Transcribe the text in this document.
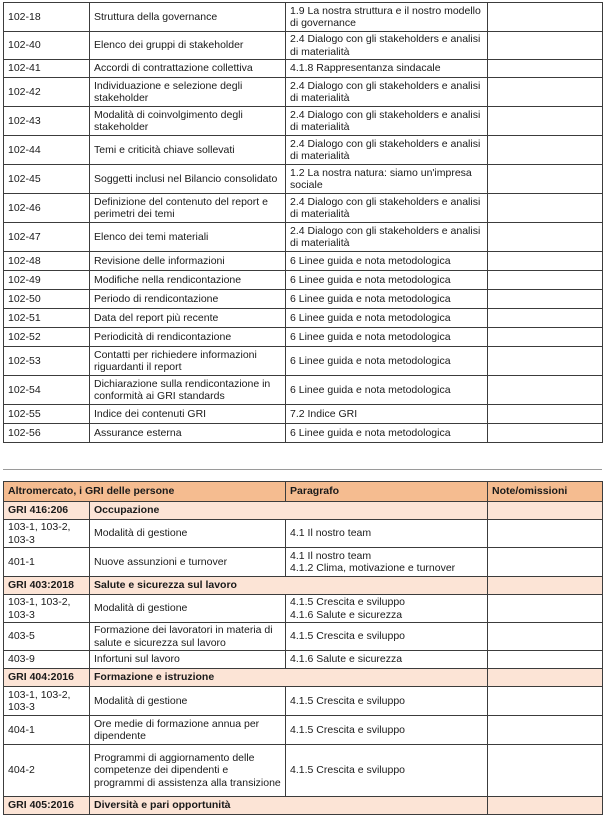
102-18	Struttura della governance	1.9 La nostra struttura e il nostro modello di governance	
102-40	Elenco dei gruppi di stakeholder	2.4 Dialogo con gli stakeholders e analisi di materialità	
102-41	Accordi di contrattazione collettiva	4.1.8 Rappresentanza sindacale	
102-42	Individuazione e selezione degli stakeholder	2.4 Dialogo con gli stakeholders e analisi di materialità	
102-43	Modalità di coinvolgimento degli stakeholder	2.4 Dialogo con gli stakeholders e analisi di materialità	
102-44	Temi e criticità chiave sollevati	2.4 Dialogo con gli stakeholders e analisi di materialità	
102-45	Soggetti inclusi nel Bilancio consolidato	1.2 La nostra natura: siamo un'impresa sociale	
102-46	Definizione del contenuto del report e perimetri dei temi	2.4 Dialogo con gli stakeholders e analisi di materialità	
102-47	Elenco dei temi materiali	2.4 Dialogo con gli stakeholders e analisi di materialità	
102-48	Revisione delle informazioni	6 Linee guida e nota metodologica	
102-49	Modifiche nella rendicontazione	6 Linee guida e nota metodologica	
102-50	Periodo di rendicontazione	6 Linee guida e nota metodologica	
102-51	Data del report più recente	6 Linee guida e nota metodologica	
102-52	Periodicità di rendicontazione	6 Linee guida e nota metodologica	
102-53	Contatti per richiedere informazioni riguardanti il report	6 Linee guida e nota metodologica	
102-54	Dichiarazione sulla rendicontazione in conformità ai GRI standards	6 Linee guida e nota metodologica	
102-55	Indice dei contenuti GRI	7.2 Indice GRI	
102-56	Assurance esterna	6 Linee guida e nota metodologica	
Altromercato, i GRI delle persone		Paragrafo	Note/omissioni
GRI 416:206	Occupazione		
103-1, 103-2, 103-3	Modalità di gestione	4.1 Il nostro team	
401-1	Nuove assunzioni e turnover	4.1 Il nostro team
4.1.2 Clima, motivazione e turnover	
GRI 403:2018	Salute e sicurezza sul lavoro		
103-1, 103-2, 103-3	Modalità di gestione	4.1.5 Crescita e sviluppo
4.1.6 Salute e sicurezza	
403-5	Formazione dei lavoratori in materia di salute e sicurezza sul lavoro	4.1.5 Crescita e sviluppo	
403-9	Infortuni sul lavoro	4.1.6 Salute e sicurezza	
GRI 404:2016	Formazione e istruzione		
103-1, 103-2, 103-3	Modalità di gestione	4.1.5 Crescita e sviluppo	
404-1	Ore medie di formazione annua per dipendente	4.1.5 Crescita e sviluppo	
404-2	Programmi di aggiornamento delle competenze dei dipendenti e programmi di assistenza alla transizione	4.1.5 Crescita e sviluppo	
GRI 405:2016	Diversità e pari opportunità		
